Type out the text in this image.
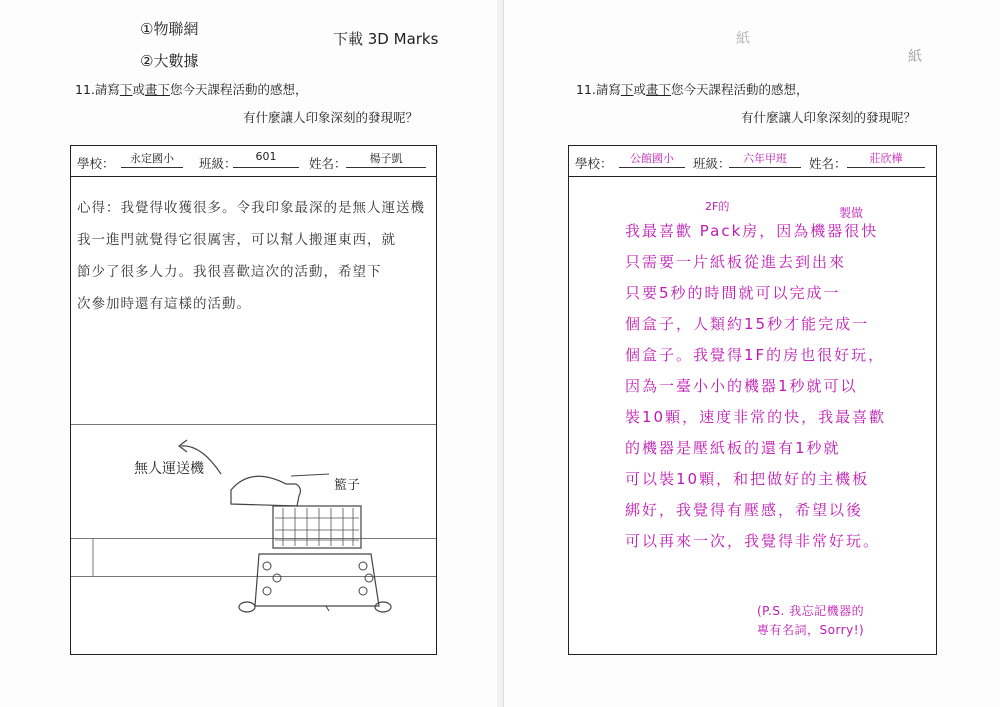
①物聯網
②大數據
下載 3D Marks
11.請寫下或畫下您今天課程活動的感想，
有什麼讓人印象深刻的發現呢？
學校：	永定國小	班級：	601	姓名：	楊子凱
心得：我覺得收獲很多。令我印象最深的是無人運送機
我一進門就覺得它很厲害，可以幫人搬運東西，就
節少了很多人力。我很喜歡這次的活動，希望下
次參加時還有這樣的活動。
無人運送機
籃子
紙
紙
11.請寫下或畫下您今天課程活動的感想，
有什麼讓人印象深刻的發現呢？
學校：	公館國小	班級：	六年甲班	姓名：	莊欣樺
2F的	製做
我最喜歡 Pack房，因為機器很快
只需要一片紙板從進去到出來
只要5秒的時間就可以完成一
個盒子，人類約15秒才能完成一
個盒子。我覺得1F的房也很好玩，
因為一臺小小的機器1秒就可以
裝10顆，速度非常的快，我最喜歡
的機器是壓紙板的還有1秒就
可以裝10顆，和把做好的主機板
綁好，我覺得有壓感，希望以後
可以再來一次，我覺得非常好玩。
(P.S. 我忘記機器的
專有名詞，Sorry!)
